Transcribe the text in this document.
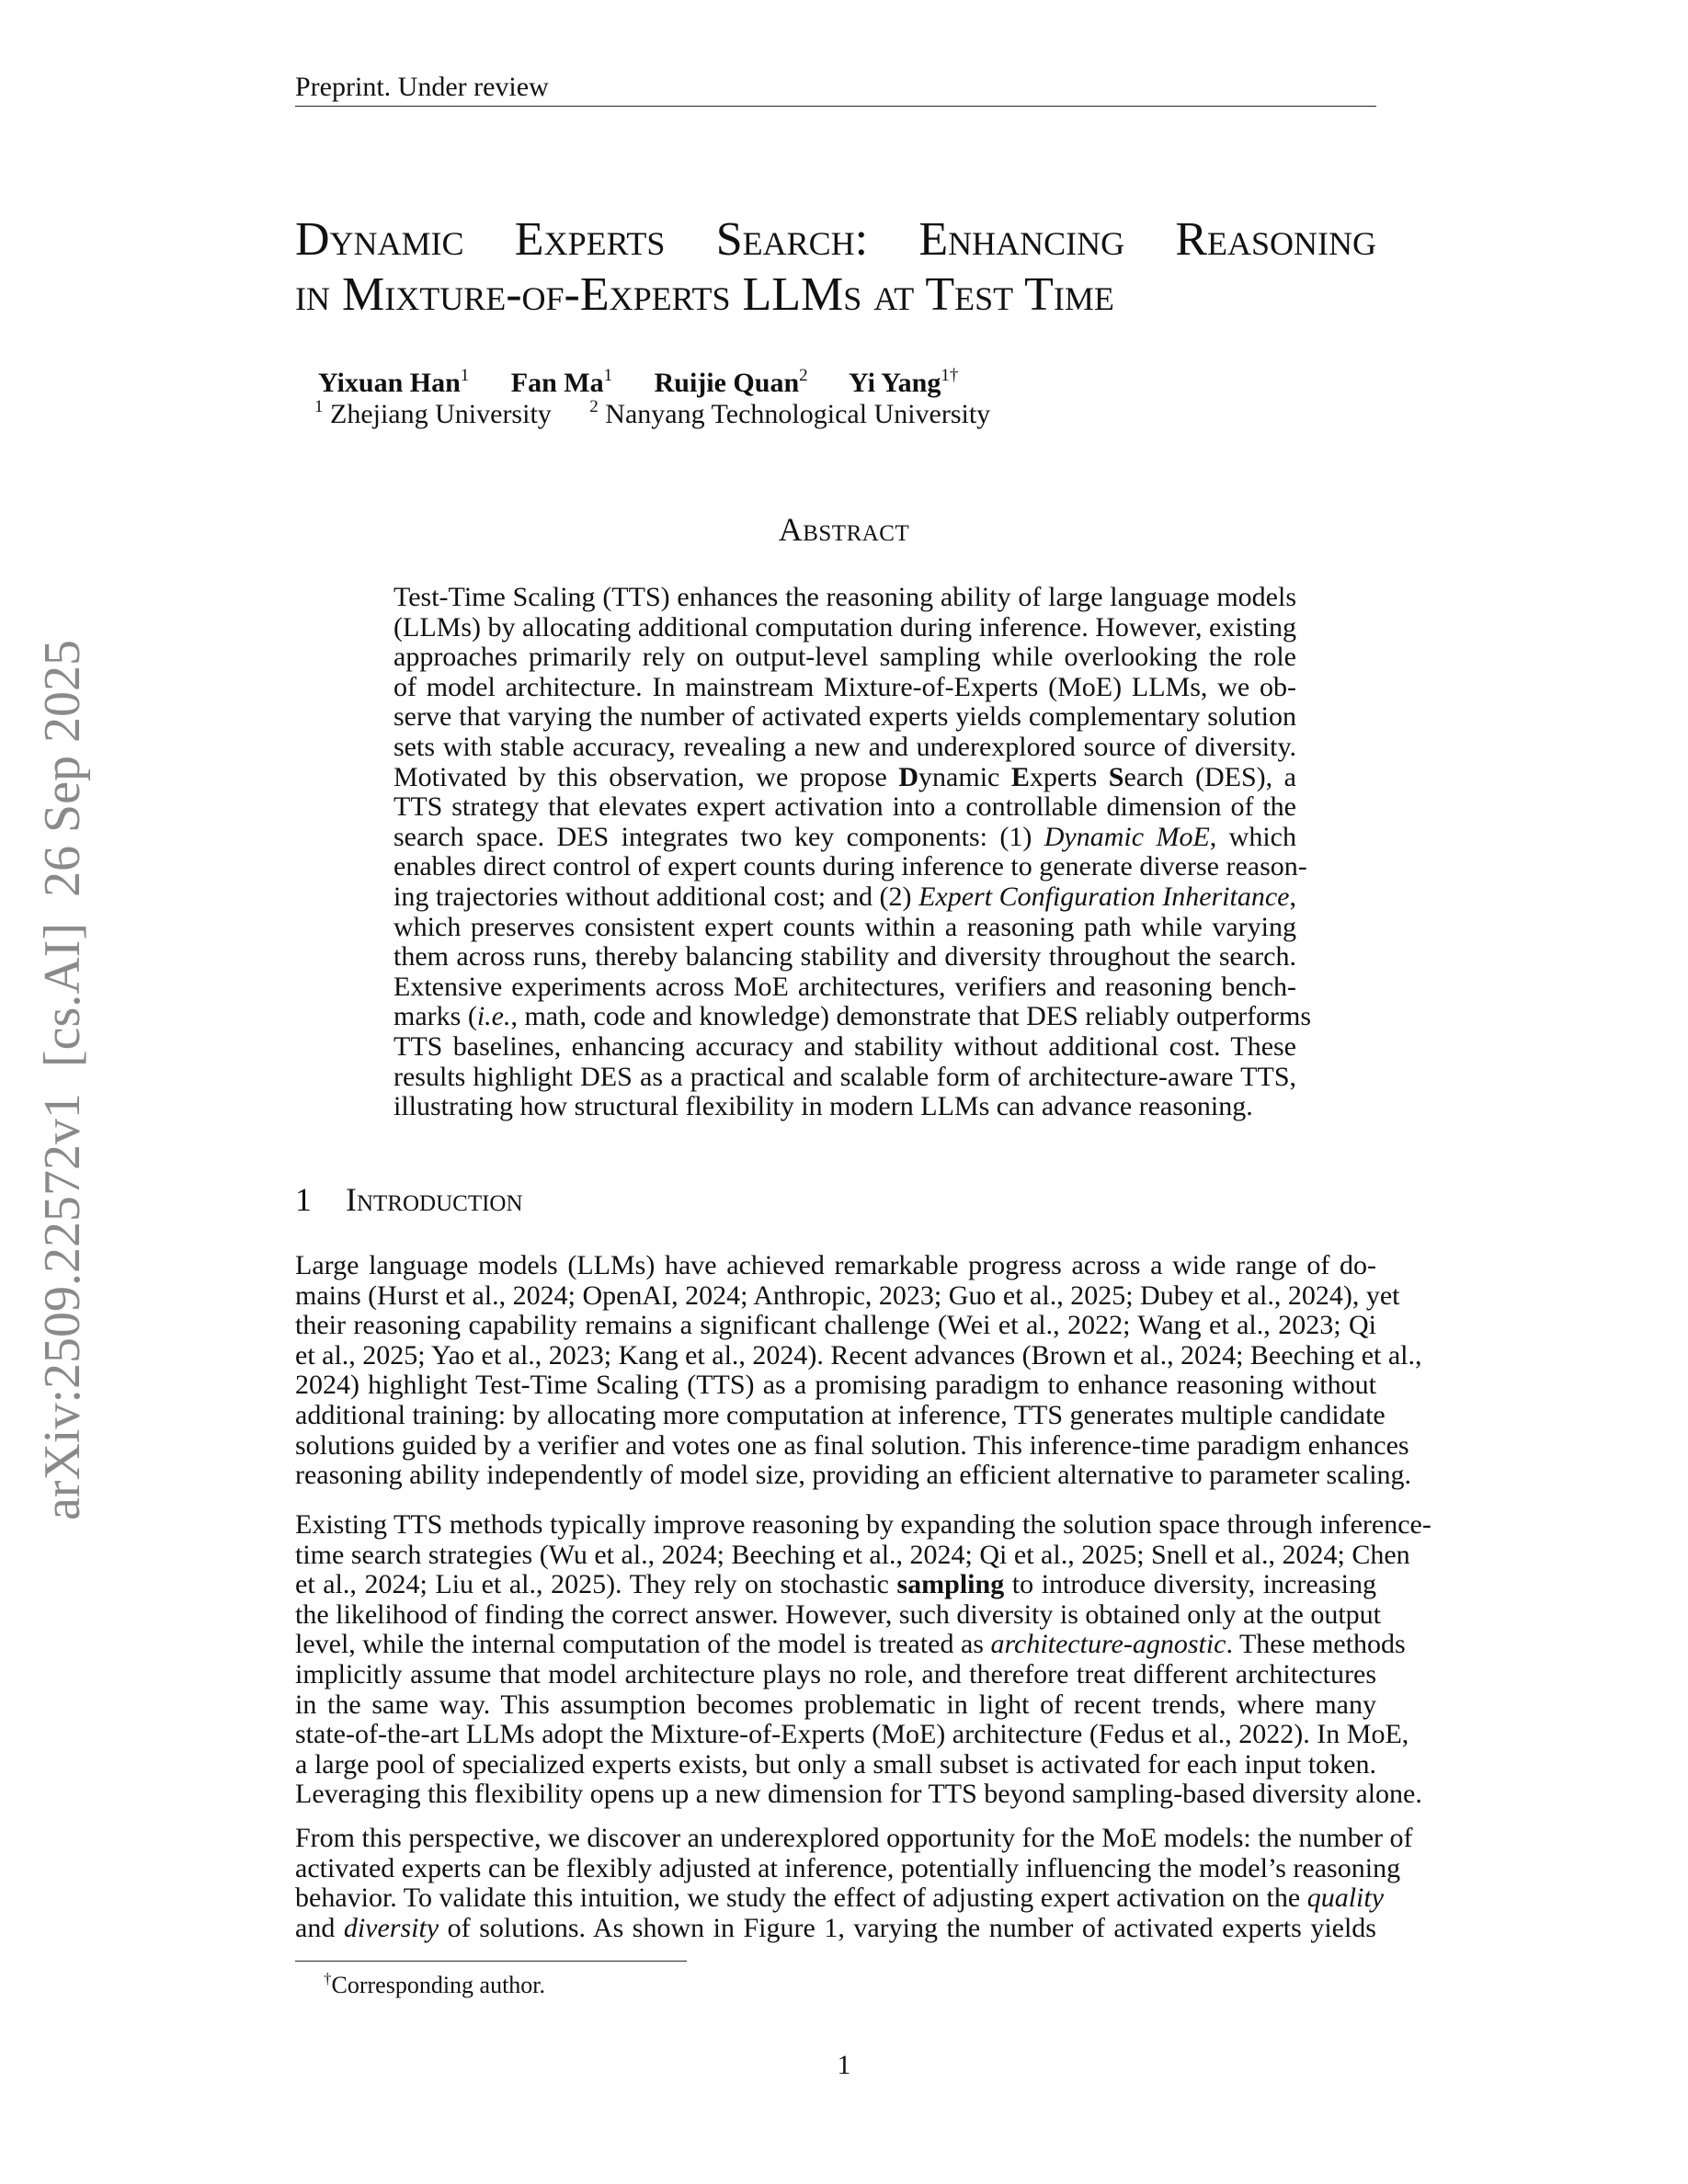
Preprint. Under review
arXiv:2509.22572v1  [cs.AI]  26 Sep 2025
Dynamic Experts Search: Enhancing Reasoning
in Mixture-of-Experts LLMs at Test Time
Yixuan Han$^1$ Fan Ma$^1$ Ruijie Quan$^2$ Yi Yang$^{1\dagger}$
$^1$ Zhejiang University $^2$ Nanyang Technological University
Abstract
Test-Time Scaling (TTS) enhances the reasoning ability of large language models
(LLMs) by allocating additional computation during inference. However, existing
approaches primarily rely on output-level sampling while overlooking the role
of model architecture. In mainstream Mixture-of-Experts (MoE) LLMs, we ob-
serve that varying the number of activated experts yields complementary solution
sets with stable accuracy, revealing a new and underexplored source of diversity.
Motivated by this observation, we propose Dynamic Experts Search (DES), a
TTS strategy that elevates expert activation into a controllable dimension of the
search space. DES integrates two key components: (1) Dynamic MoE, which
enables direct control of expert counts during inference to generate diverse reason-
ing trajectories without additional cost; and (2) Expert Configuration Inheritance,
which preserves consistent expert counts within a reasoning path while varying
them across runs, thereby balancing stability and diversity throughout the search.
Extensive experiments across MoE architectures, verifiers and reasoning bench-
marks (i.e., math, code and knowledge) demonstrate that DES reliably outperforms
TTS baselines, enhancing accuracy and stability without additional cost. These
results highlight DES as a practical and scalable form of architecture-aware TTS,
illustrating how structural flexibility in modern LLMs can advance reasoning.
1 Introduction
Large language models (LLMs) have achieved remarkable progress across a wide range of do-
mains (Hurst et al., 2024; OpenAI, 2024; Anthropic, 2023; Guo et al., 2025; Dubey et al., 2024), yet
their reasoning capability remains a significant challenge (Wei et al., 2022; Wang et al., 2023; Qi
et al., 2025; Yao et al., 2023; Kang et al., 2024). Recent advances (Brown et al., 2024; Beeching et al.,
2024) highlight Test-Time Scaling (TTS) as a promising paradigm to enhance reasoning without
additional training: by allocating more computation at inference, TTS generates multiple candidate
solutions guided by a verifier and votes one as final solution. This inference-time paradigm enhances
reasoning ability independently of model size, providing an efficient alternative to parameter scaling.
Existing TTS methods typically improve reasoning by expanding the solution space through inference-
time search strategies (Wu et al., 2024; Beeching et al., 2024; Qi et al., 2025; Snell et al., 2024; Chen
et al., 2024; Liu et al., 2025). They rely on stochastic sampling to introduce diversity, increasing
the likelihood of finding the correct answer. However, such diversity is obtained only at the output
level, while the internal computation of the model is treated as architecture-agnostic. These methods
implicitly assume that model architecture plays no role, and therefore treat different architectures
in the same way. This assumption becomes problematic in light of recent trends, where many
state-of-the-art LLMs adopt the Mixture-of-Experts (MoE) architecture (Fedus et al., 2022). In MoE,
a large pool of specialized experts exists, but only a small subset is activated for each input token.
Leveraging this flexibility opens up a new dimension for TTS beyond sampling-based diversity alone.
From this perspective, we discover an underexplored opportunity for the MoE models: the number of
activated experts can be flexibly adjusted at inference, potentially influencing the model’s reasoning
behavior. To validate this intuition, we study the effect of adjusting expert activation on the quality
and diversity of solutions. As shown in Figure 1, varying the number of activated experts yields
†Corresponding author.
1
